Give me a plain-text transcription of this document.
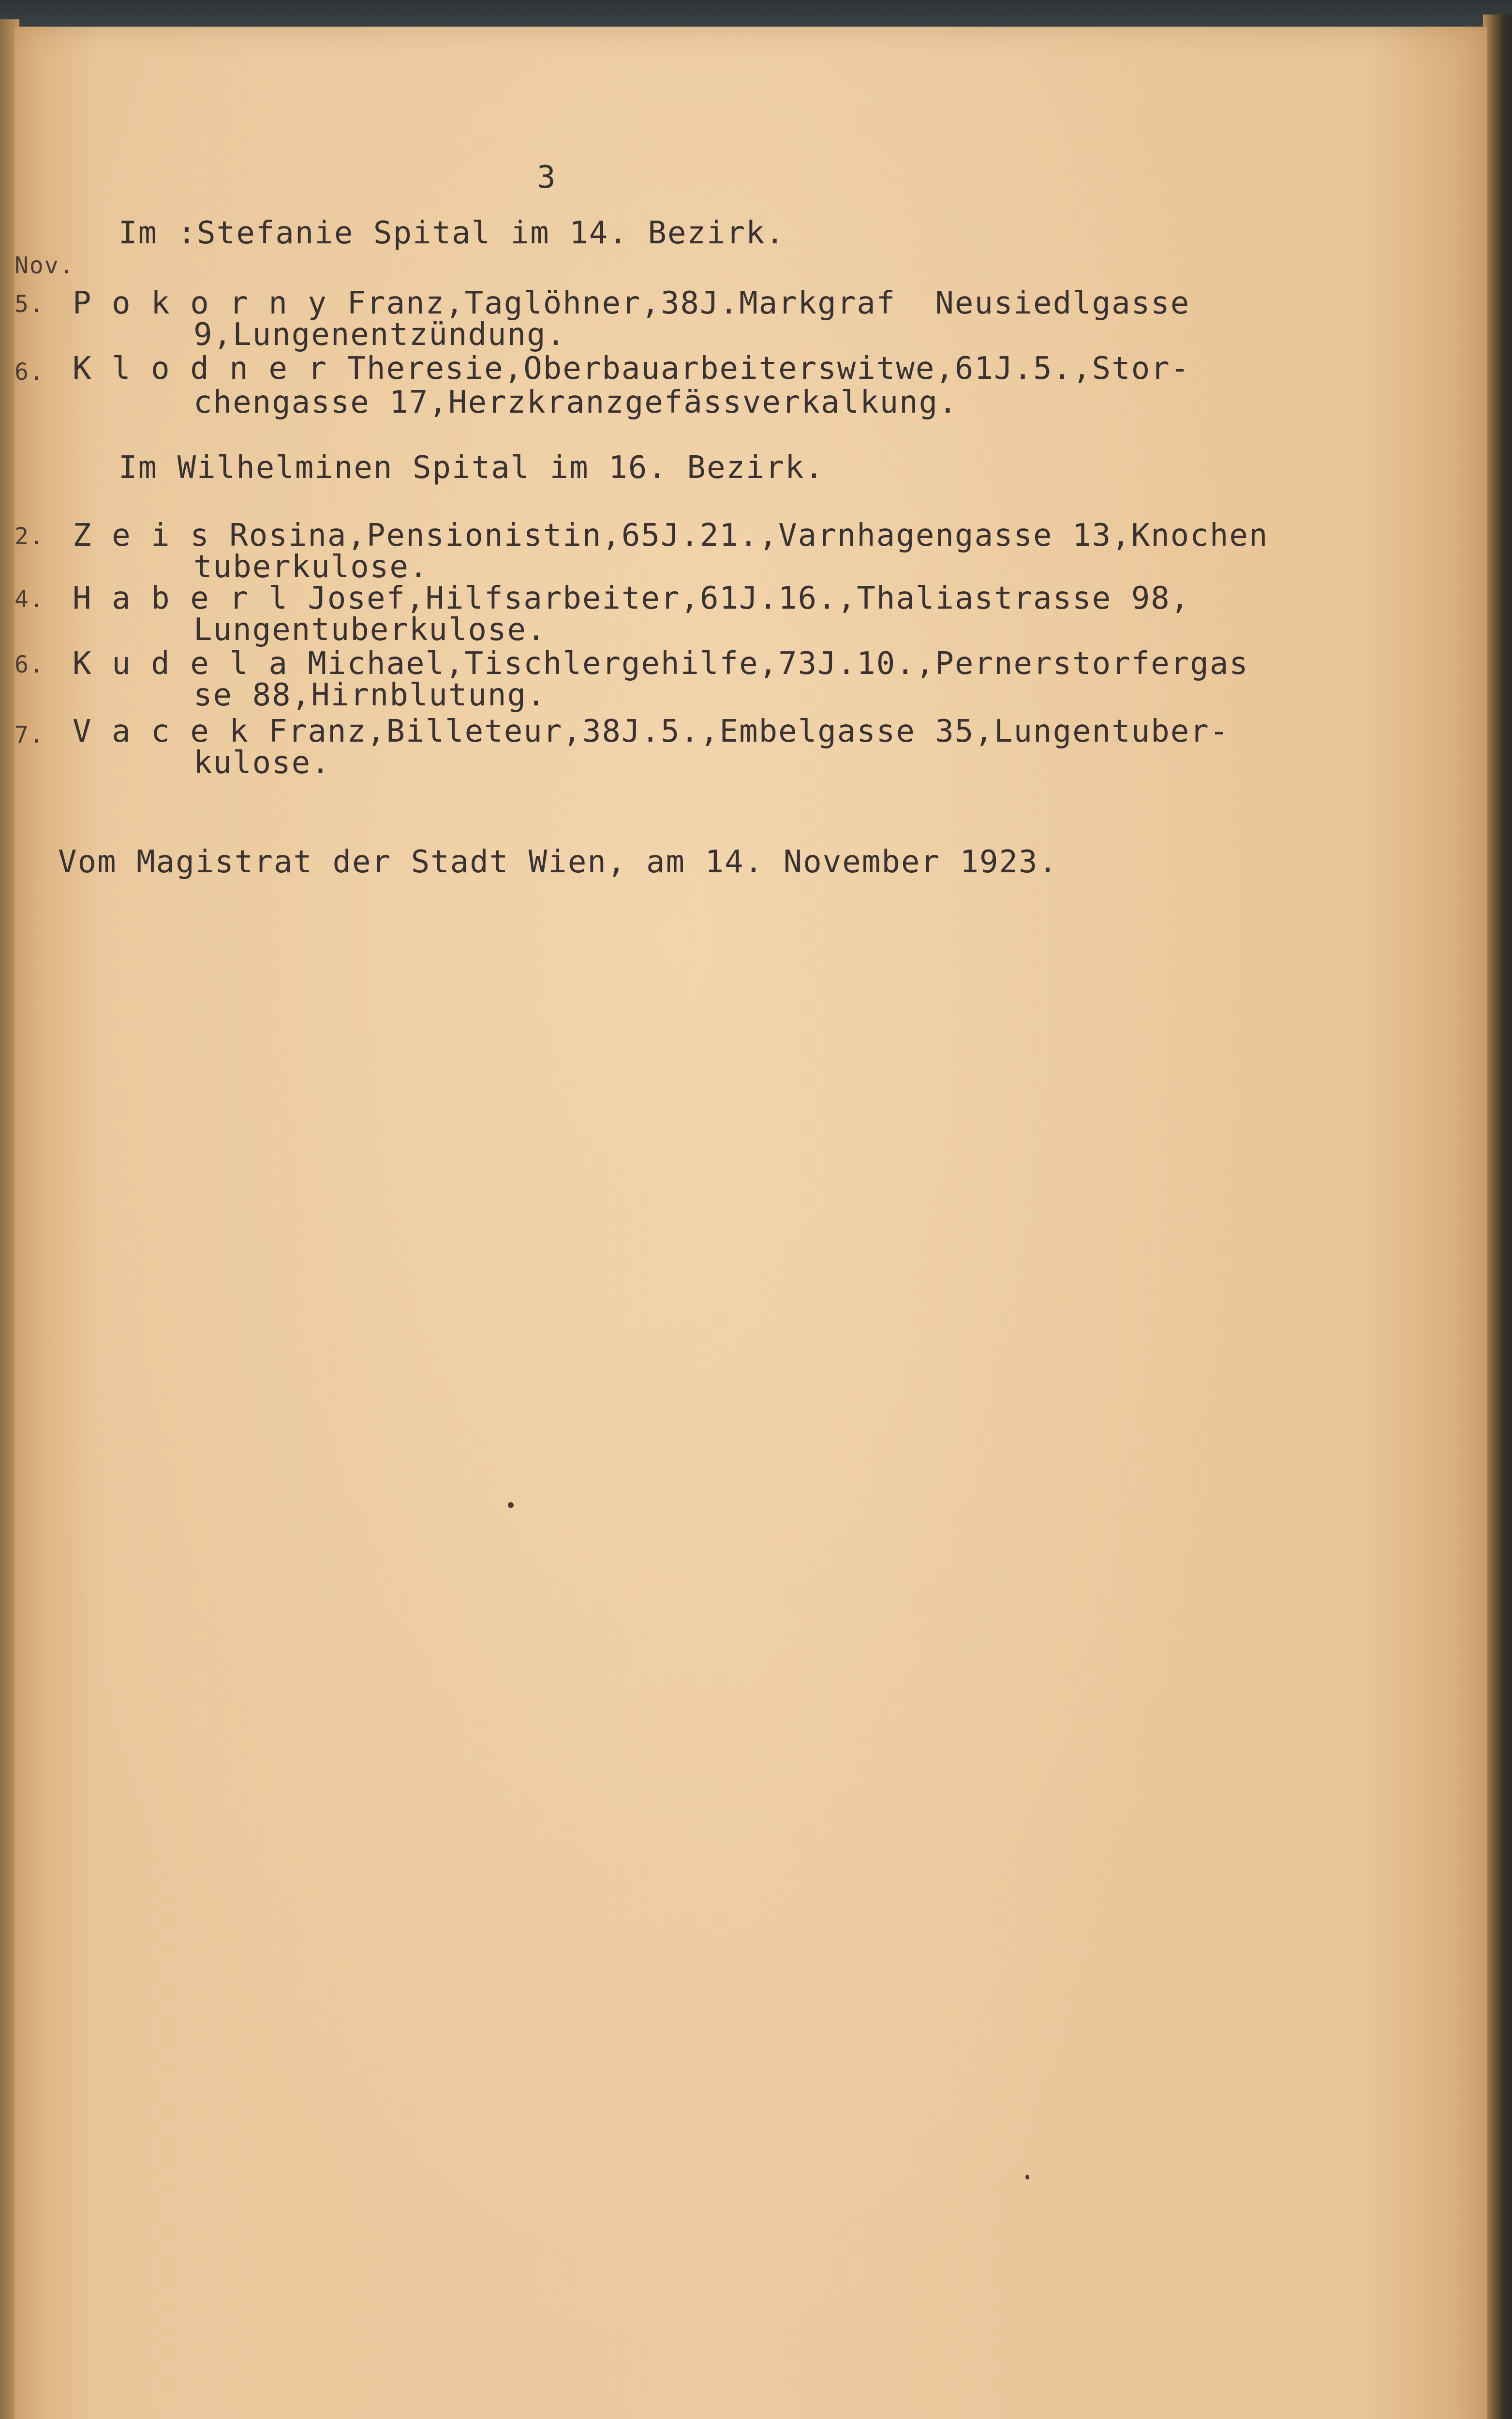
3
Im :Stefanie Spital im 14. Bezirk.
Nov.
5. P o k o r n y Franz,Taglöhner,38J.Markgraf  Neusiedlgasse
9,Lungenentzündung.
6. K l o d n e r Theresie,Oberbauarbeiterswitwe,61J.5.,Stor-
chengasse 17,Herzkranzgefässverkalkung.
Im Wilhelminen Spital im 16. Bezirk.
2. Z e i s Rosina,Pensionistin,65J.21.,Varnhagengasse 13,Knochen
tuberkulose.
4. H a b e r l Josef,Hilfsarbeiter,61J.16.,Thaliastrasse 98,
Lungentuberkulose.
6. K u d e l a Michael,Tischlergehilfe,73J.10.,Pernerstorfergas
se 88,Hirnblutung.
7. V a c e k Franz,Billeteur,38J.5.,Embelgasse 35,Lungentuber-
kulose.
Vom Magistrat der Stadt Wien, am 14. November 1923.
